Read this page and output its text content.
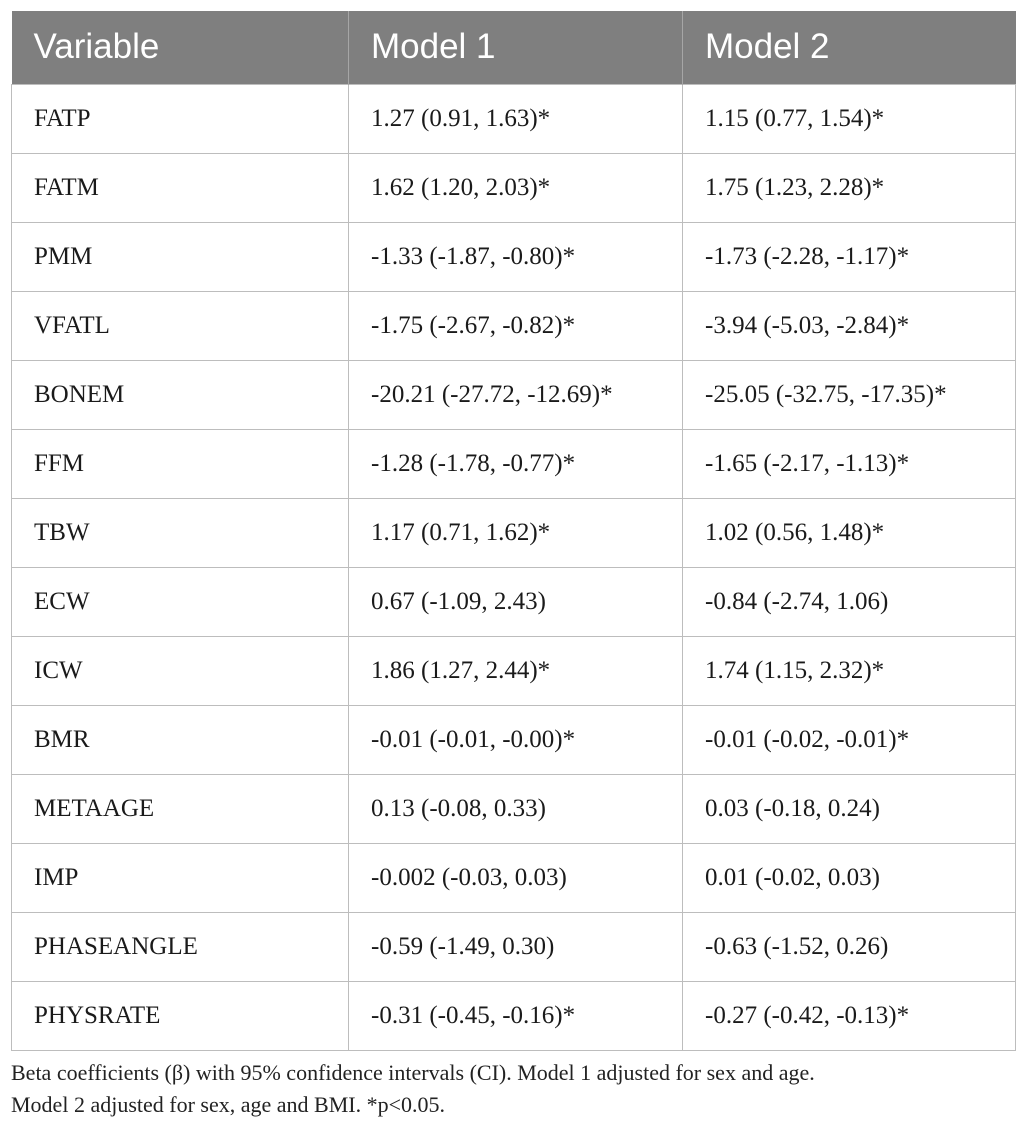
Variable	Model 1	Model 2
FATP	1.27 (0.91, 1.63)*	1.15 (0.77, 1.54)*
FATM	1.62 (1.20, 2.03)*	1.75 (1.23, 2.28)*
PMM	-1.33 (-1.87, -0.80)*	-1.73 (-2.28, -1.17)*
VFATL	-1.75 (-2.67, -0.82)*	-3.94 (-5.03, -2.84)*
BONEM	-20.21 (-27.72, -12.69)*	-25.05 (-32.75, -17.35)*
FFM	-1.28 (-1.78, -0.77)*	-1.65 (-2.17, -1.13)*
TBW	1.17 (0.71, 1.62)*	1.02 (0.56, 1.48)*
ECW	0.67 (-1.09, 2.43)	-0.84 (-2.74, 1.06)
ICW	1.86 (1.27, 2.44)*	1.74 (1.15, 2.32)*
BMR	-0.01 (-0.01, -0.00)*	-0.01 (-0.02, -0.01)*
METAAGE	0.13 (-0.08, 0.33)	0.03 (-0.18, 0.24)
IMP	-0.002 (-0.03, 0.03)	0.01 (-0.02, 0.03)
PHASEANGLE	-0.59 (-1.49, 0.30)	-0.63 (-1.52, 0.26)
PHYSRATE	-0.31 (-0.45, -0.16)*	-0.27 (-0.42, -0.13)*
Beta coefficients (β) with 95% confidence intervals (CI). Model 1 adjusted for sex and age.
Model 2 adjusted for sex, age and BMI. *p<0.05.
